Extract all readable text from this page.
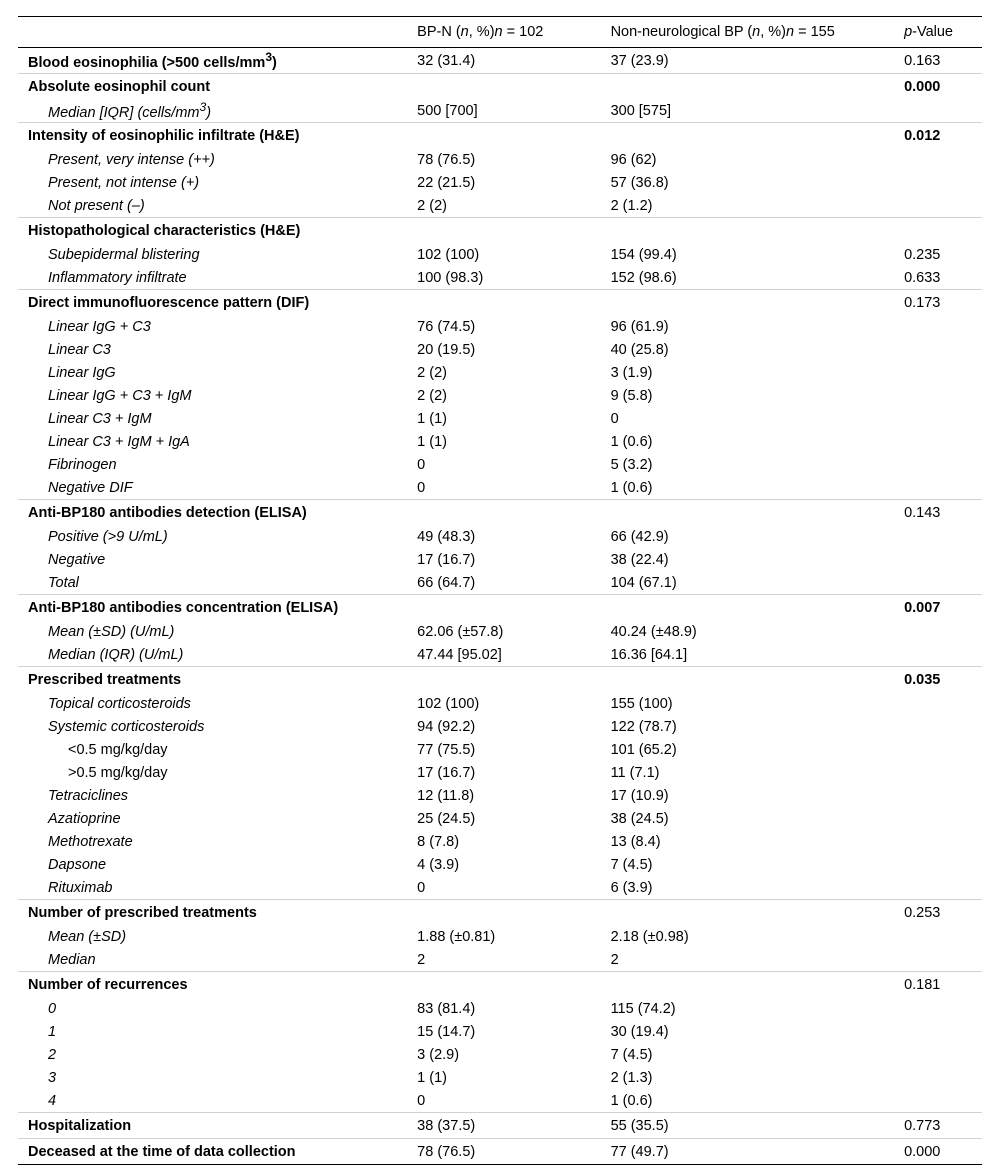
	BP-N (n, %)n = 102	Non-neurological BP (n, %)n = 155	p-Value
Blood eosinophilia (>500 cells/$mm^3$)	32 (31.4)	37 (23.9)	0.163
Absolute eosinophil count			0.000
Median [IQR] $(cells/mm^3)$	500 [700]	300 [575]	
Intensity of eosinophilic infiltrate (H&E)			0.012
Present, very intense (++)	78 (76.5)	96 (62)	
Present, not intense (+)	22 (21.5)	57 (36.8)	
Not present (–)	2 (2)	2 (1.2)	
Histopathological characteristics (H&E)			
Subepidermal blistering	102 (100)	154 (99.4)	0.235
Inflammatory infiltrate	100 (98.3)	152 (98.6)	0.633
Direct immunofluorescence pattern (DIF)			0.173
Linear IgG + C3	76 (74.5)	96 (61.9)	
Linear C3	20 (19.5)	40 (25.8)	
Linear IgG	2 (2)	3 (1.9)	
Linear IgG + C3 + IgM	2 (2)	9 (5.8)	
Linear C3 + IgM	1 (1)	0	
Linear C3 + IgM + IgA	1 (1)	1 (0.6)	
Fibrinogen	0	5 (3.2)	
Negative DIF	0	1 (0.6)	
Anti-BP180 antibodies detection (ELISA)			0.143
Positive (>9 U/mL)	49 (48.3)	66 (42.9)	
Negative	17 (16.7)	38 (22.4)	
Total	66 (64.7)	104 (67.1)	
Anti-BP180 antibodies concentration (ELISA)			0.007
Mean (±SD) (U/mL)	62.06 (±57.8)	40.24 (±48.9)	
Median (IQR) (U/mL)	47.44 [95.02]	16.36 [64.1]	
Prescribed treatments			0.035
Topical corticosteroids	102 (100)	155 (100)	
Systemic corticosteroids	94 (92.2)	122 (78.7)	
<0.5 mg/kg/day	77 (75.5)	101 (65.2)	
>0.5 mg/kg/day	17 (16.7)	11 (7.1)	
Tetraciclines	12 (11.8)	17 (10.9)	
Azatioprine	25 (24.5)	38 (24.5)	
Methotrexate	8 (7.8)	13 (8.4)	
Dapsone	4 (3.9)	7 (4.5)	
Rituximab	0	6 (3.9)	
Number of prescribed treatments			0.253
Mean (±SD)	1.88 (±0.81)	2.18 (±0.98)	
Median	2	2	
Number of recurrences			0.181
0	83 (81.4)	115 (74.2)	
1	15 (14.7)	30 (19.4)	
2	3 (2.9)	7 (4.5)	
3	1 (1)	2 (1.3)	
4	0	1 (0.6)	
Hospitalization	38 (37.5)	55 (35.5)	0.773
Deceased at the time of data collection	78 (76.5)	77 (49.7)	0.000
